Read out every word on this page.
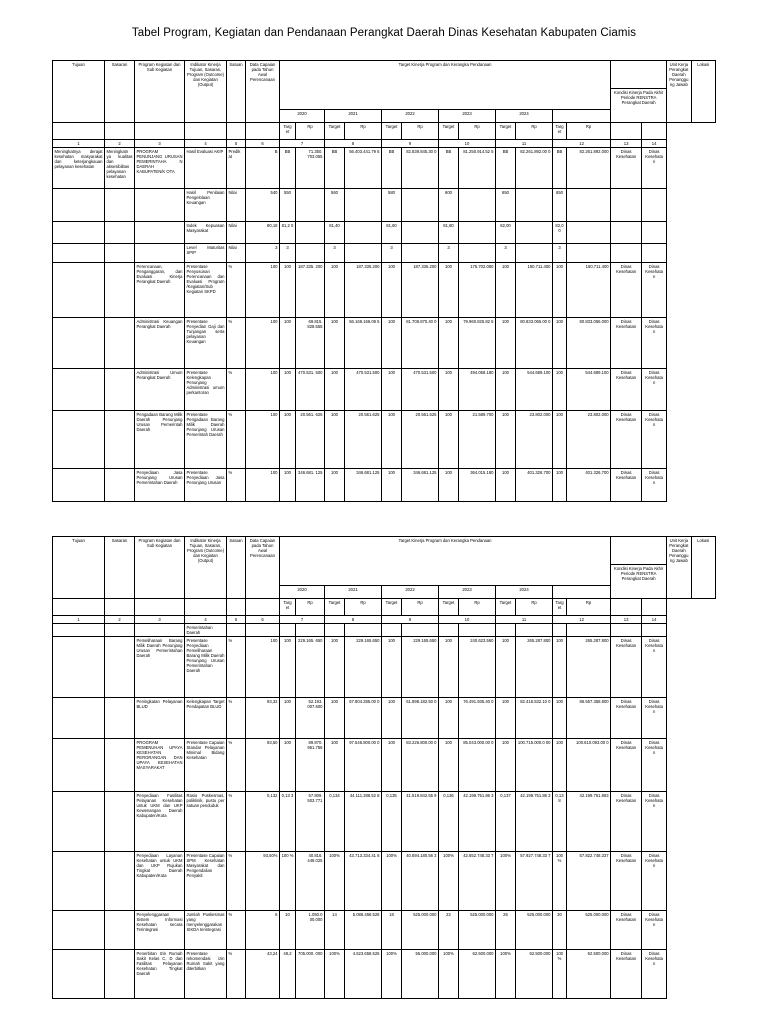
Tabel Program, Kegiatan dan Pendanaan Perangkat Daerah Dinas Kesehatan Kabupaten Ciamis
Tujuan	Sasaran	Program Kegiatan dan Sub Kegiatan	Indikator Kinerja Tujuan, Sasaran, Program (Outcome) dan Kegiatan (Output)	Satuan	Data Capaian pada Tahun Awal Perencanaan	Target Kinerja Program dan Kerangka Pendanaan														Unit Kerja Perangkat Daerah Penanggung Jawab	Lokasi
																		Kondisi Kinerja Pada Akhir Periode RENSTRA Perangkat Daerah			
						2020		2021		2022		2023		2024							
						Targ et	Rp	Target	Rp	Target	Rp	Target	Rp	Target	Rp	Targ et	Rp				
1	2	3	4	5	6	7		8		9		10		11		12		13	14		
Meningkatnya derajat kesehatan masyarakat dan keterjangkauan pelayanan kesehatan	Meningkatn ya kualitas dan aksesibilitas pelayanan kesehatan	PROGRAM PENUNJANG URUSAN PEMERINTAHA N DAERAH KABUPATEN/K OTA	Hasil Evaluasi AKIP	Predik at	B	BB	71.350. 703.055	BB	56.403.441.79 5	BB	82.839.845.30 0	BB	81.250.914.52 5	BB	82.261.892.00 0	BB	82.261.892.000	Dinas Kesehatan	Dinas Kesehata n		
			Hasil Penilaian Pengelolaan Keuangan	Nilai	540	550		560		580		600		650		650					
			Indek Kepuasan Masyarakat	Nilai	80,18	81,2 0		81,40		81,60		81,80		82,00		82,0 0					
			Level Maturitas SPIP	Nilai	3	3		3		3		3		3		3					
		Perencanaan, Penganggaran, dan Evaluasi Kinerja Perangkat Daerah	Presentase Penyusunan Perencanaan dan Evaluasi Program /Kegiatan/Sub Kegiatan SKPD	%	100	100	187.335. 200	100	187.335.200	100	187.335.200	100	175.702.080	100	150.711.400	100	150.711.400	Dinas Kesehatan	Dinas Kesehata n		
		Administrasi Keuangan Perangkat Daerah	Presentase Penyedian Gaji dan Tunjangan serta pelayanan Keuangan	%	100	100	69.815. 828.555	100	56.169.166.09 5	100	81.708.870.40 0	100	79.960.825.82 5	100	80.833.065.00 0	100	80.833.065.000	Dinas Kesehatan	Dinas Kesehata n		
		Administrasi Umum Perangkat Daerah	Presentase Kelengkapan Penunjang Administrasi umum perkantoran	%	100	100	470.531. 500	100	470.531.500	100	470.531.500	100	494.058.180	100	544.689.100	100	544.689.100	Dinas Kesehatan	Dinas Kesehata n		
		Pengadaan Barang Milik Daerah Penunjang Urusan Pemerintah Daerah	Presentase Pengadaan Barang Milik Daerah Penunjang Urusan Pemerintah Daerah	%	100	100	20.561. 625	100	20.561.625	100	20.561.625	100	21.589.700	100	23.802.000	100	23.802.000	Dinas Kesehatan	Dinas Kesehata n		
		Penyediaan Jasa Penunjang Urusan Pemerintahan Daerah	Presentase Penyediaan Jasa Penunjang Urusan	%	100	100	346.681. 125	100	346.681.125	100	346.681.125	100	364.015.180	100	401.326.700	100	401.326.700	Dinas Kesehatan	Dinas Kesehata n		
Tujuan	Sasaran	Program Kegiatan dan Sub Kegiatan	Indikator Kinerja Tujuan, Sasaran, Program (Outcome) dan Kegiatan (Output)	Satuan	Data Capaian pada Tahun Awal Perencanaan	Target Kinerja Program dan Kerangka Pendanaan														Unit Kerja Perangkat Daerah Penanggung Jawab	Lokasi
																		Kondisi Kinerja Pada Akhir Periode RENSTRA Perangkat Daerah			
						2020		2021		2022		2023		2024							
						Targ et	Rp	Target	Rp	Target	Rp	Target	Rp	Target	Rp	Targ et	Rp				
1	2	3	4	5	6	7		8		9		10		11		12		13	14		
			Pemerintahan Daerah																		
		Pemeliharaan Barang Milik Daerah Penunjang Urusan Pemerintahan Daerah	Presentase Penyediaan Pemeliharaan Barang Milik Daerah Penunjang Urusan Pemerintahan Daerah	%	100	100	229.165. 650	100	229.165.650	100	229.165.650	100	240.623.560	100	265.287.800	100	265.287.800	Dinas Kesehatan	Dinas Kesehata n		
		Peningkatan Pelayanan BLUD	Kelengkapan Target Pendapatan BLUD	%	93,32	100	52.193. 007.600	100	67.804.285.00 0	100	61.898.182.50 0	100	76.491.935.40 0	100	82.416.532.10 0	100	86.557.358.800	Dinas Kesehatan	Dinas Kesehata n		
		PROGRAM PEMENUHAN UPAYA KESEHATAN PERORANGAN DAN UPAYA KESEHATAN MASYARAKAT	Presentase Capaian Standar Pelayanan Minimal Bidang Kesehatan	%	93,50	100	89.870. 951.756	100	97.546.800.00 0	100	83.226.800.00 0	100	85.043.000.00 0	100	100.715.000.0 00	100	100.610.093.00 0	Dinas Kesehatan	Dinas Kesehata n		
		Penyediaan Fasilitas Pelayanan Kesehatan untuk UKM dan UKP Kewenangan Daerah Kabupaten/Kota	Rasio Puskesmas, poliklinik, pustu per satuan penduduk	%	0,132	0,13 3	57.809. 503.771	0,134	44.111.288.52 8	0,135	41.519.842.55 9	0,136	42.199.751.86 3	0,137	42.199.751.86 3	0,13 8	42.199.751.863	Dinas Kesehatan	Dinas Kesehata n		
		Penyediaan Layanan Kesehatan untuk UKM dan UKP Rujukan Tingkat Daerah Kabupaten/Kota	Presentase Capaian SPM Kesehatan Masyarakat dan Pengendalian Penyakit	%	93,50%	100 %	40.816. 448.025	100%	43.713.334.41 8	100%	40.694.180.56 3	100%	42.652.748.33 7	100%	57.927.748.33 7	100 %	57.822.748.337	Dinas Kesehatan	Dinas Kesehata n		
		Penyelenggaraan Sistem Informasi Kesehatan secara Terintegrasi	Jumlah Puskesmas yang menyelenggarakan SIKDA terintegrasi	%	6	10	1.050.0 00.000	14	5.086.458.526	18	525.000.000	22	525.000.000	26	525.000.000	30	525.000.000	Dinas Kesehatan	Dinas Kesehata n		
		Penerbitan Izin Rumah Sakit Kelas C, D dan Fasilitas Pelayanan Kesehatan Tingkat Daerah	Presentase rekomendasi izin Rumah Sakit yang diterbitkan	%	43,24	48,2	705.000. 000	100%	4.623.658.526	100%	55.000.000	100%	62.500.000	100%	62.500.000	100 %	62.500.000	Dinas Kesehatan	Dinas Kesehata n		
